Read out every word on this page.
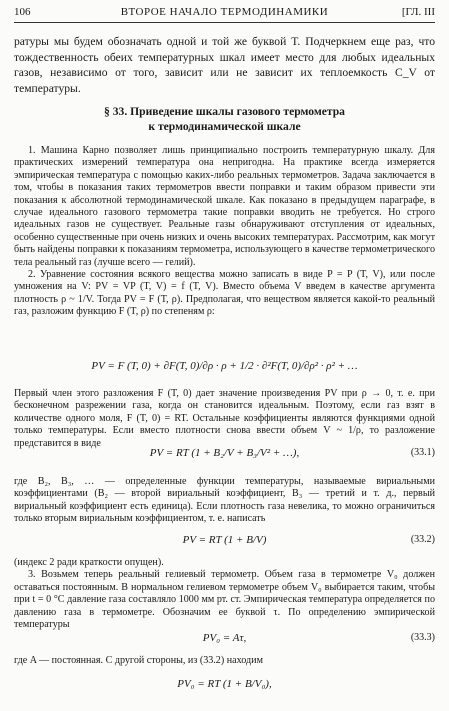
106	ВТОРОЕ НАЧАЛО ТЕРМОДИНАМИКИ	[ГЛ. III
ратуры мы будем обозначать одной и той же буквой T. Подчеркнем еще раз, что тождественность обеих температурных шкал имеет место для любых идеальных газов, независимо от того, зависит или не зависит их теплоемкость C_V от температуры.
§ 33. Приведение шкалы газового термометра
к термодинамической шкале

1. Машина Карно позволяет лишь принципиально построить температурную шкалу. Для практических измерений температура она непригодна. На практике всегда измеряется эмпирическая температура с помощью каких-либо реальных термометров. Задача заключается в том, чтобы в показания таких термометров ввести поправки и таким образом привести эти показания к абсолютной термодинамической шкале. Как показано в предыдущем параграфе, в случае идеального газового термометра такие поправки вводить не требуется. Но строго идеальных газов не существует. Реальные газы обнаруживают отступления от идеальных, особенно существенные при очень низких и очень высоких температурах. Рассмотрим, как могут быть найдены поправки к показаниям термометра, использующего в качестве термометрического тела реальный газ (лучше всего — гелий).

2. Уравнение состояния всякого вещества можно записать в виде P = P (T, V), или после умножения на V: PV = VP (T, V) = f (T, V). Вместо объема V введем в качестве аргумента плотность ρ ~ 1/V. Тогда PV = F (T, ρ). Предполагая, что веществом является какой-то реальный газ, разложим функцию F (T, ρ) по степеням ρ:

PV = F (T, 0) + ∂F(T, 0)/∂ρ · ρ + 1/2 · ∂²F(T, 0)/∂ρ² · ρ² + …

Первый член этого разложения F (T, 0) дает значение произведения PV при ρ → 0, т. е. при бесконечном разрежении газа, когда он становится идеальным. Поэтому, если газ взят в количестве одного моля, F (T, 0) = RT. Остальные коэффициенты являются функциями одной только температуры. Если вместо плотности снова ввести объем V ~ 1/ρ, то разложение представится в виде

PV = RT (1 + B₂/V + B₃/V² + …),	(33.1)

где B₂, B₃, … — определенные функции температуры, называемые вириальными коэффициентами (B₂ — второй вириальный коэффициент, B₃ — третий и т. д., первый вириальный коэффициент есть единица). Если плотность газа невелика, то можно ограничиться только вторым вириальным коэффициентом, т. е. написать

PV = RT (1 + B/V)	(33.2)

(индекс 2 ради краткости опущен).

3. Возьмем теперь реальный гелиевый термометр. Объем газа в термометре V₀ должен оставаться постоянным. В нормальном гелиевом термометре объем V₀ выбирается таким, чтобы при t = 0 °C давление газа составляло 1000 мм рт. ст. Эмпирическая температура определяется по давлению газа в термометре. Обозначим ее буквой τ. По определению эмпирической температуры

PV₀ = Aτ,	(33.3)

где A — постоянная. С другой стороны, из (33.2) находим

PV₀ = RT (1 + B/V₀),
